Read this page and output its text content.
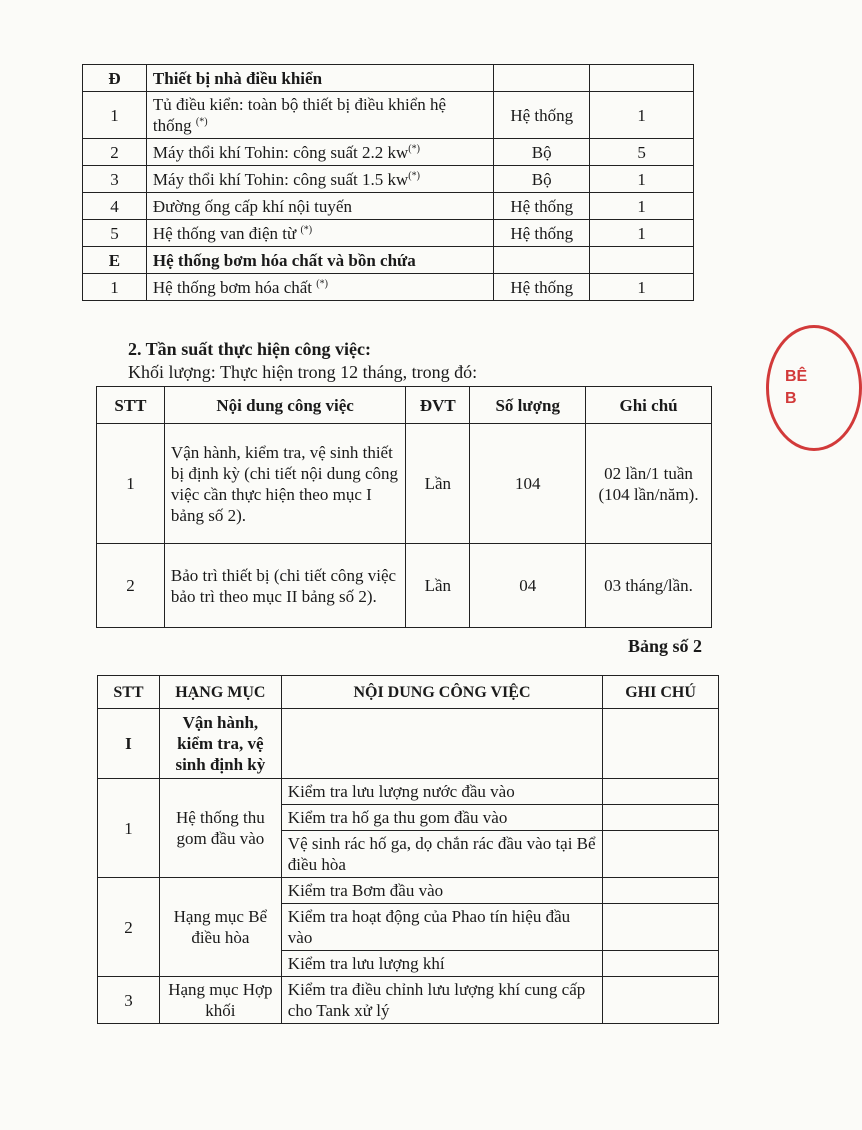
Đ	Thiết bị nhà điều khiển		
1	Tủ điều kiển: toàn bộ thiết bị điều khiển hệ thống (*)	Hệ thống	1
2	Máy thổi khí Tohin: công suất 2.2 kw(*)	Bộ	5
3	Máy thổi khí Tohin: công suất 1.5 kw(*)	Bộ	1
4	Đường ống cấp khí nội tuyến	Hệ thống	1
5	Hệ thống van điện từ (*)	Hệ thống	1
E	Hệ thống bơm hóa chất và bồn chứa		
1	Hệ thống bơm hóa chất (*)	Hệ thống	1
2. Tần suất thực hiện công việc:
Khối lượng: Thực hiện trong 12 tháng, trong đó:
STT	Nội dung công việc	ĐVT	Số lượng	Ghi chú
1	Vận hành, kiểm tra, vệ sinh thiết bị định kỳ (chi tiết nội dung công việc cần thực hiện theo mục I bảng số 2).	Lần	104	02 lần/1 tuần (104 lần/năm).
2	Bảo trì thiết bị (chi tiết công việc bảo trì theo mục II bảng số 2).	Lần	04	03 tháng/lần.
Bảng số 2
STT	HẠNG MỤC	NỘI DUNG CÔNG VIỆC	GHI CHÚ
I	Vận hành, kiểm tra, vệ sinh định kỳ		
1	Hệ thống thu gom đầu vào	Kiểm tra lưu lượng nước đầu vào	
		Kiểm tra hố ga thu gom đầu vào	
		Vệ sinh rác hố ga, dọ chắn rác đầu vào tại Bể điều hòa	
2	Hạng mục Bể điều hòa	Kiểm tra Bơm đầu vào	
		Kiểm tra hoạt động của Phao tín hiệu đầu vào	
		Kiểm tra lưu lượng khí	
3	Hạng mục Hợp khối	Kiểm tra điều chỉnh lưu lượng khí cung cấp cho Tank xử lý	
BÊ
B
